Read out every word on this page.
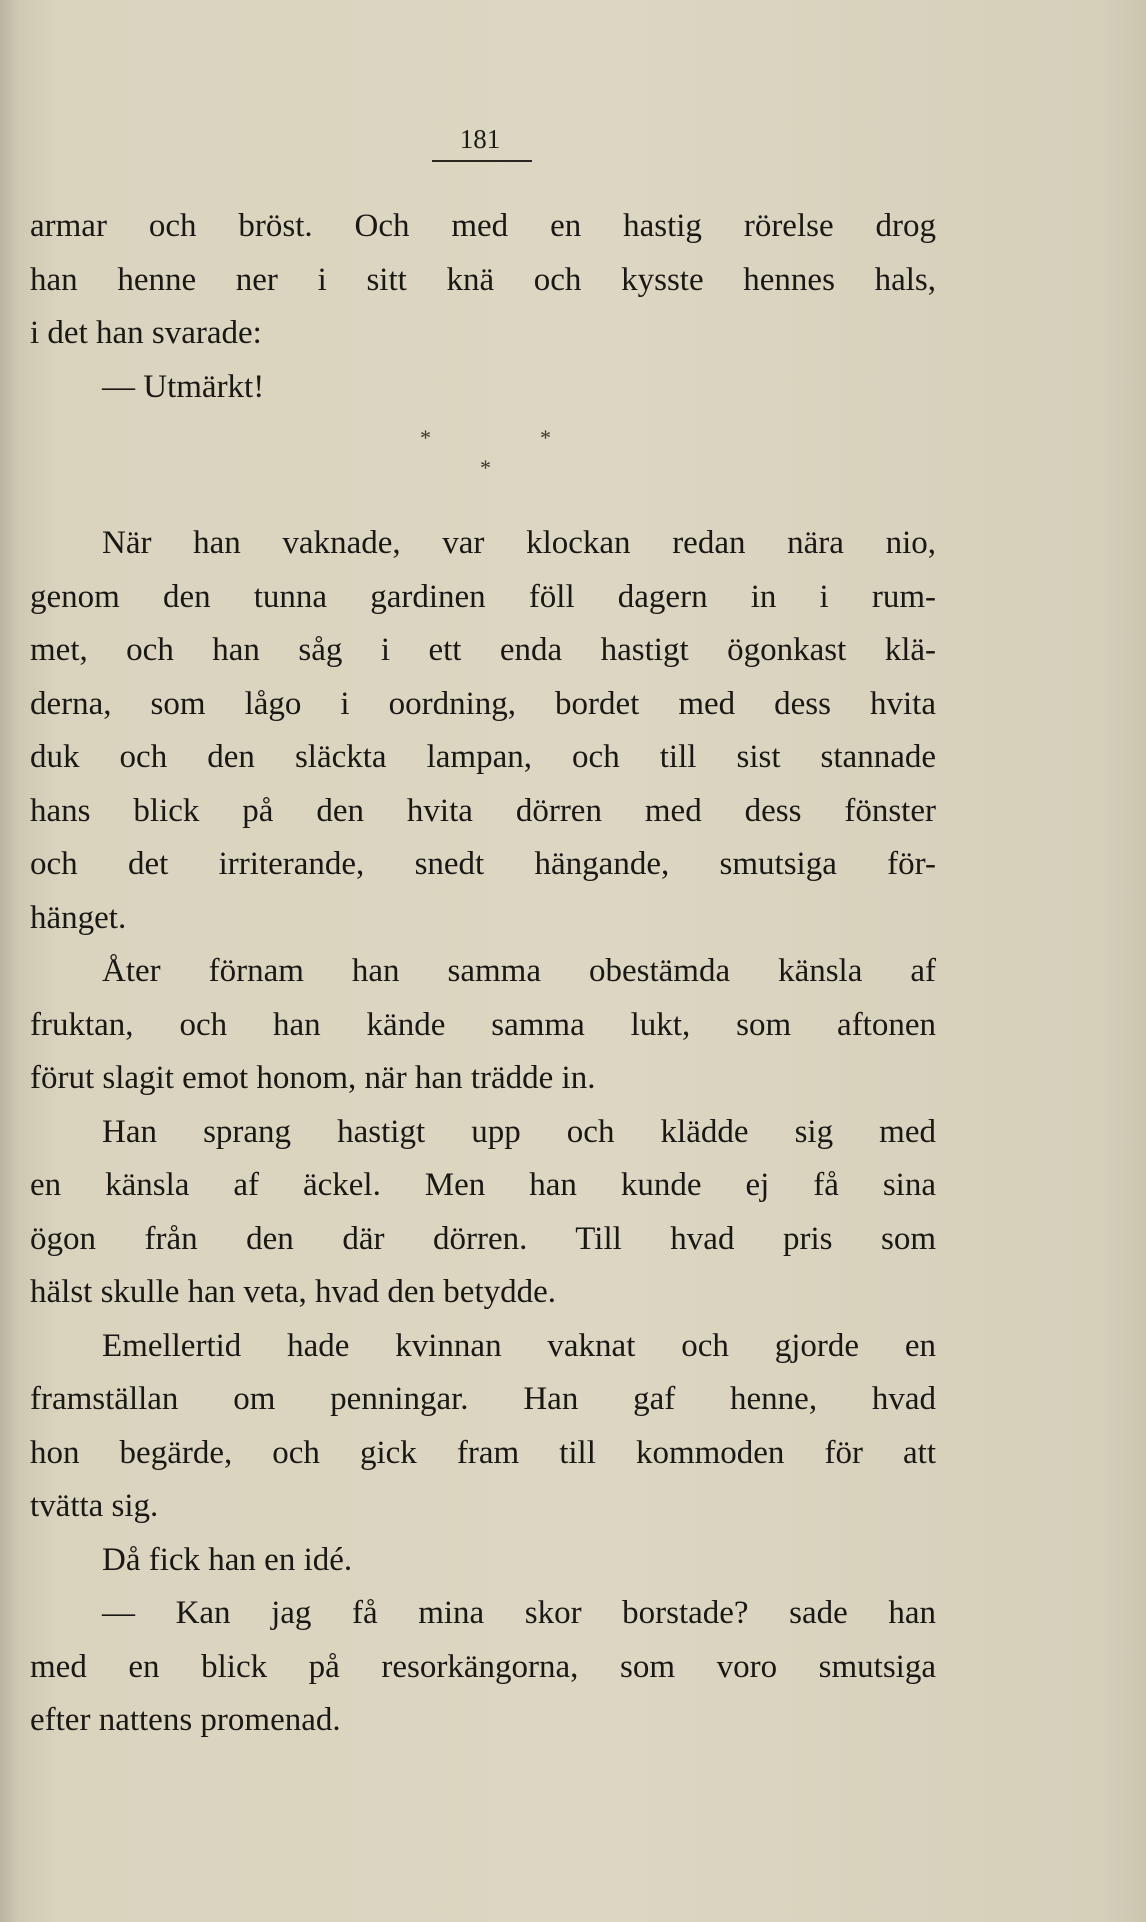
181
armar och bröst. Och med en hastig rörelse drog
han henne ner i sitt knä och kysste hennes hals,
i det han svarade:
— Utmärkt!
*	*
*
När han vaknade, var klockan redan nära nio,
genom den tunna gardinen föll dagern in i rum-
met, och han såg i ett enda hastigt ögonkast klä-
derna, som lågo i oordning, bordet med dess hvita
duk och den släckta lampan, och till sist stannade
hans blick på den hvita dörren med dess fönster
och det irriterande, snedt hängande, smutsiga för-
hänget.
Åter förnam han samma obestämda känsla af
fruktan, och han kände samma lukt, som aftonen
förut slagit emot honom, när han trädde in.
Han sprang hastigt upp och klädde sig med
en känsla af äckel. Men han kunde ej få sina
ögon från den där dörren. Till hvad pris som
hälst skulle han veta, hvad den betydde.
Emellertid hade kvinnan vaknat och gjorde en
framställan om penningar. Han gaf henne, hvad
hon begärde, och gick fram till kommoden för att
tvätta sig.
Då fick han en idé.
— Kan jag få mina skor borstade? sade han
med en blick på resorkängorna, som voro smutsiga
efter nattens promenad.
